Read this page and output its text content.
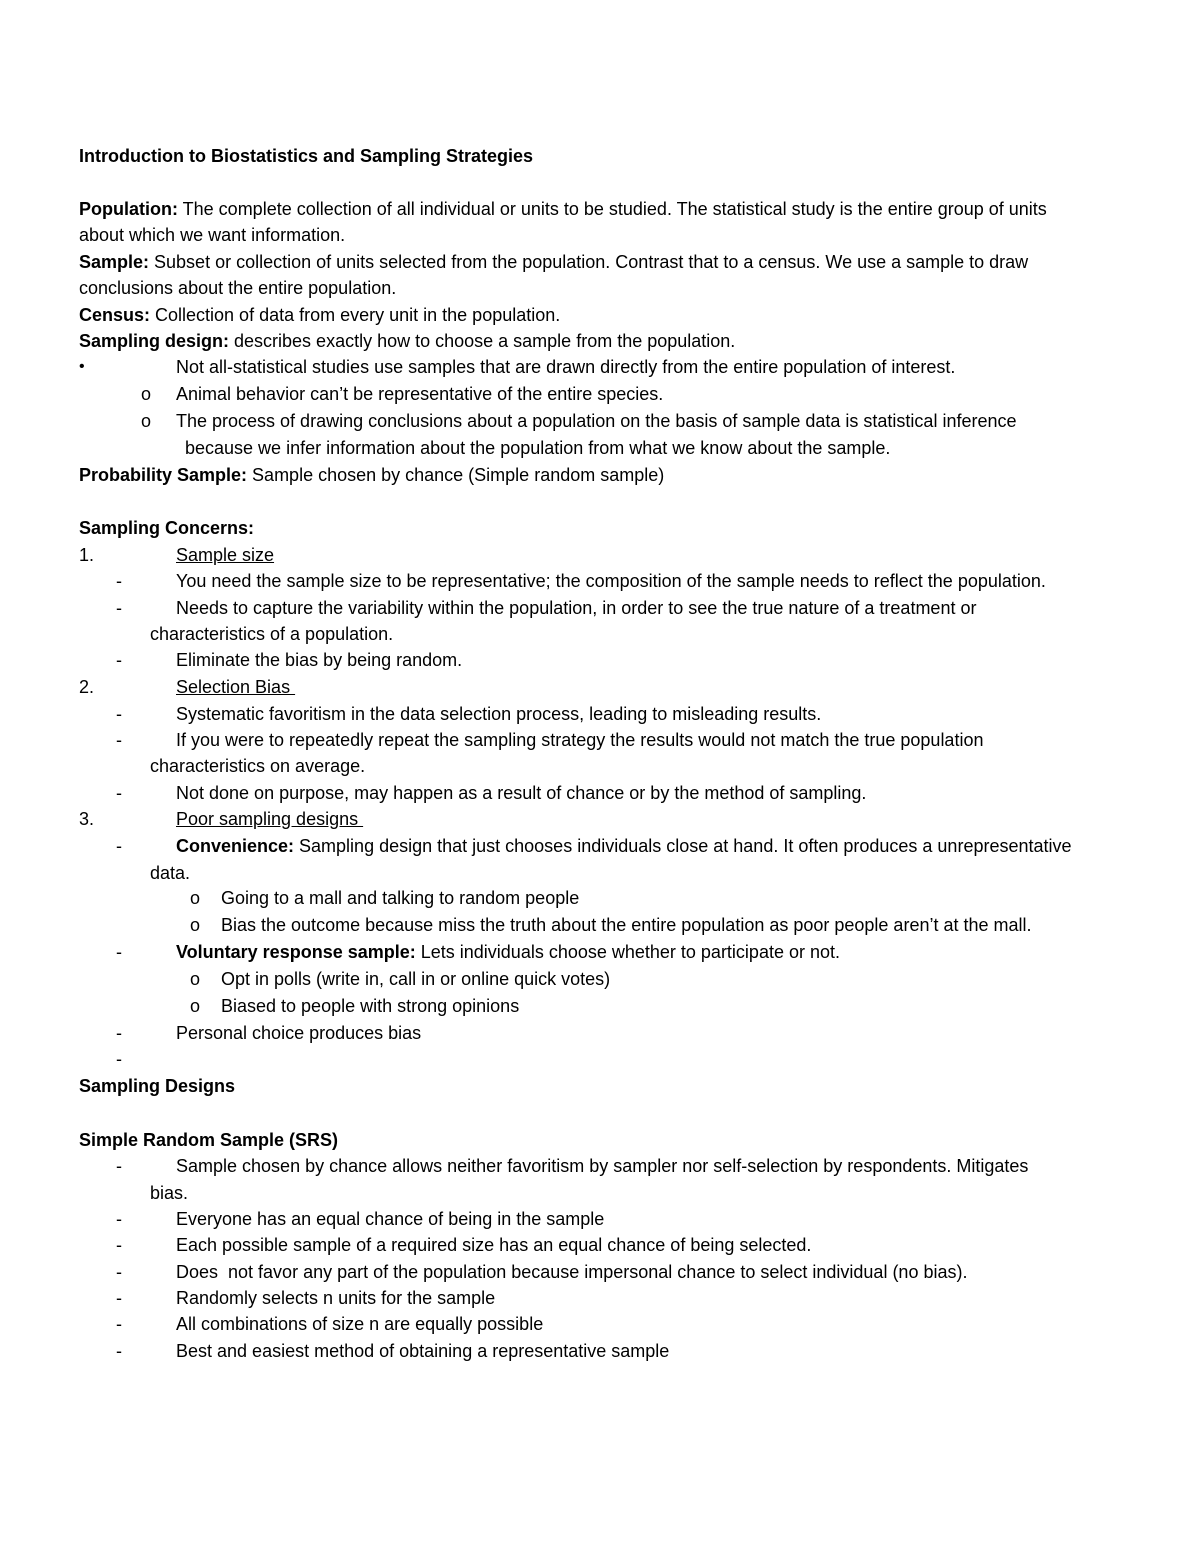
Introduction to Biostatistics and Sampling Strategies
Population: The complete collection of all individual or units to be studied. The statistical study is the entire group of units
about which we want information.
Sample: Subset or collection of units selected from the population. Contrast that to a census. We use a sample to draw
conclusions about the entire population.
Census: Collection of data from every unit in the population.
Sampling design: describes exactly how to choose a sample from the population.
•	Not all-statistical studies use samples that are drawn directly from the entire population of interest.
o Animal behavior can’t be representative of the entire species.
o The process of drawing conclusions about a population on the basis of sample data is statistical inference
because we infer information about the population from what we know about the sample.
Probability Sample: Sample chosen by chance (Simple random sample)
Sampling Concerns:
1.	Sample size
-	You need the sample size to be representative; the composition of the sample needs to reflect the population.
-	Needs to capture the variability within the population, in order to see the true nature of a treatment or
characteristics of a population.
-	Eliminate the bias by being random.
2.	Selection Bias
-	Systematic favoritism in the data selection process, leading to misleading results.
-	If you were to repeatedly repeat the sampling strategy the results would not match the true population
characteristics on average.
-	Not done on purpose, may happen as a result of chance or by the method of sampling.
3.	Poor sampling designs
-	Convenience: Sampling design that just chooses individuals close at hand. It often produces a unrepresentative
data.
o Going to a mall and talking to random people
o Bias the outcome because miss the truth about the entire population as poor people aren’t at the mall.
-	Voluntary response sample: Lets individuals choose whether to participate or not.
o Opt in polls (write in, call in or online quick votes)
o Biased to people with strong opinions
-	Personal choice produces bias
-
Sampling Designs
Simple Random Sample (SRS)
-	Sample chosen by chance allows neither favoritism by sampler nor self-selection by respondents. Mitigates
bias.
-	Everyone has an equal chance of being in the sample
-	Each possible sample of a required size has an equal chance of being selected.
-	Does  not favor any part of the population because impersonal chance to select individual (no bias).
-	Randomly selects n units for the sample
-	All combinations of size n are equally possible
-	Best and easiest method of obtaining a representative sample
